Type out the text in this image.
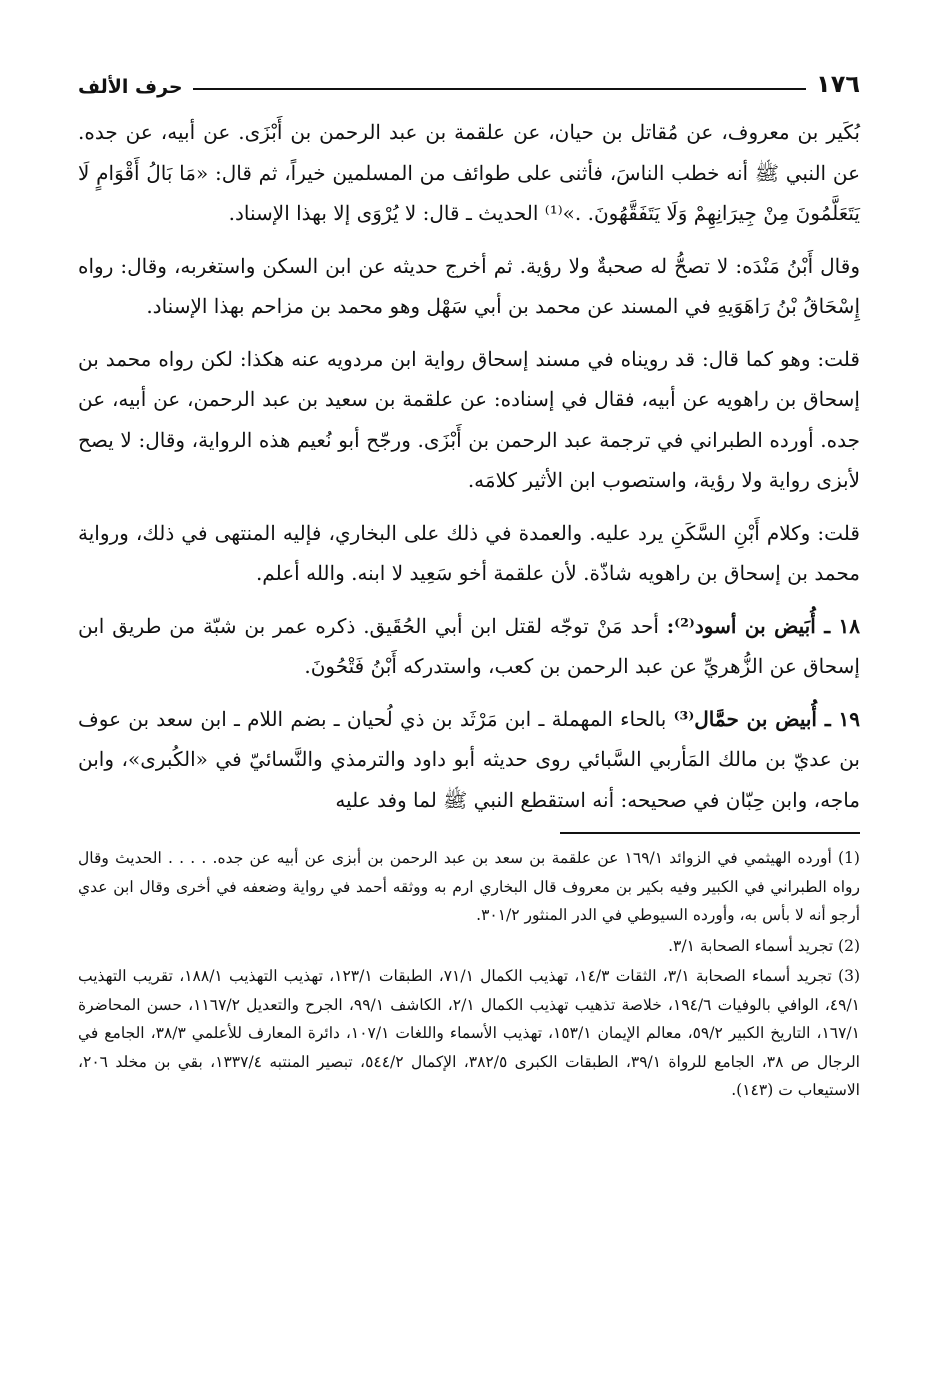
١٧٦
حرف الألف

بُكَير بن معروف، عن مُقاتل بن حيان، عن علقمة بن عبد الرحمن بن أَبْزَى. عن أبيه، عن جده. عن النبي ﷺ أنه خطب الناسَ، فأثنى على طوائف من المسلمين خيراً، ثم قال: «مَا بَالُ أَقْوَامٍ لَا يَتَعَلَّمُونَ مِنْ جِيرَانِهِمْ وَلَا يَتَفَقَّهُونَ. .»⁽¹⁾ الحديث ـ قال: لا يُرْوَى إلا بهذا الإسناد.

وقال أَبْنُ مَنْدَه: لا تصحُّ له صحبةٌ ولا رؤية. ثم أخرج حديثه عن ابن السكن واستغربه، وقال: رواه إِسْحَاقُ بْنُ رَاهَوَيهِ في المسند عن محمد بن أبي سَهْل وهو محمد بن مزاحم بهذا الإسناد.

قلت: وهو كما قال: قد رويناه في مسند إسحاق رواية ابن مردويه عنه هكذا: لكن رواه محمد بن إسحاق بن راهويه عن أبيه، فقال في إسناده: عن علقمة بن سعيد بن عبد الرحمن، عن أبيه، عن جده. أورده الطبراني في ترجمة عبد الرحمن بن أَبْزَى. ورجّح أبو نُعيم هذه الرواية، وقال: لا يصح لأبزى رواية ولا رؤية، واستصوب ابن الأثير كلامَه.

قلت: وكلام أَبْنِ السَّكَنِ يرد عليه. والعمدة في ذلك على البخاري، فإليه المنتهى في ذلك، ورواية محمد بن إسحاق بن راهويه شاذّة. لأن علقمة أخو سَعِيد لا ابنه. والله أعلم.

١٨ ـ أُبَيض بن أسود⁽²⁾: أحد مَنْ توجّه لقتل ابن أبي الحُقَيق. ذكره عمر بن شبّة من طريق ابن إسحاق عن الزُّهريِّ عن عبد الرحمن بن كعب، واستدركه أَبْنُ فَتْحُونَ.

١٩ ـ أُبيض بن حمَّال⁽³⁾ بالحاء المهملة ـ ابن مَرْثَد بن ذي لُحيان ـ بضم اللام ـ ابن سعد بن عوف بن عديّ بن مالك المَأربي السَّبائي روى حديثه أبو داود والترمذي والنَّسائيّ في «الكُبرى»، وابن ماجه، وابن حِبّان في صحيحه: أنه استقطع النبي ﷺ لما وفد عليه

(1) أورده الهيثمي في الزوائد ١٦٩/١ عن علقمة بن سعد بن عبد الرحمن بن أبزى عن أبيه عن جده. . . . . الحديث وقال رواه الطبراني في الكبير وفيه بكير بن معروف قال البخاري ارم به ووثقه أحمد في رواية وضعفه في أخرى وقال ابن عدي أرجو أنه لا بأس به، وأورده السيوطي في الدر المنثور ٣٠١/٢.

(2) تجريد أسماء الصحابة ٣/١.

(3) تجريد أسماء الصحابة ٣/١، الثقات ١٤/٣، تهذيب الكمال ٧١/١، الطبقات ١٢٣/١، تهذيب التهذيب ١٨٨/١، تقريب التهذيب ٤٩/١، الوافي بالوفيات ١٩٤/٦، خلاصة تذهيب تهذيب الكمال ٢/١، الكاشف ٩٩/١، الجرح والتعديل ١١٦٧/٢، حسن المحاضرة ١٦٧/١، التاريخ الكبير ٥٩/٢، معالم الإيمان ١٥٣/١، تهذيب الأسماء واللغات ١٠٧/١، دائرة المعارف للأعلمي ٣٨/٣، الجامع في الرجال ص ٣٨، الجامع للرواة ٣٩/١، الطبقات الكبرى ٣٨٢/٥، الإكمال ٥٤٤/٢، تبصير المنتبه ١٣٣٧/٤، بقي بن مخلد ٢٠٦، الاستيعاب ت (١٤٣).
